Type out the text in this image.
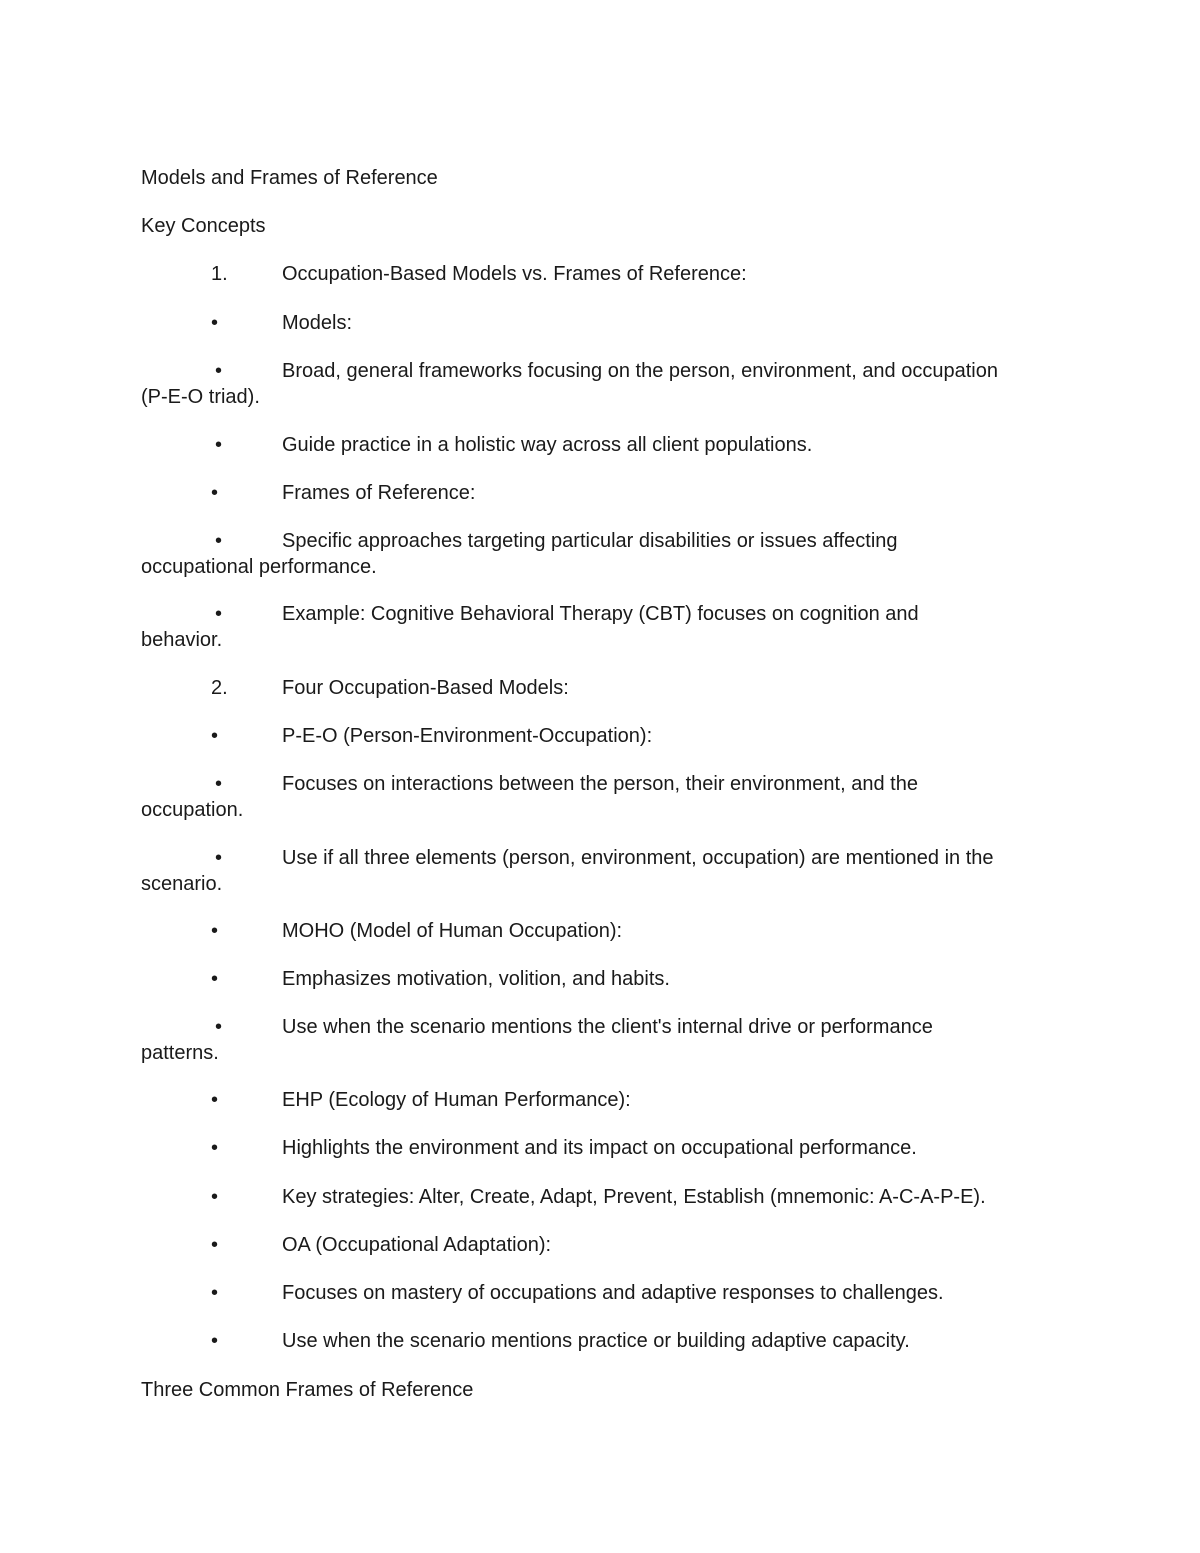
Models and Frames of Reference
Key Concepts
1.	Occupation-Based Models vs. Frames of Reference:
•	Models:
•	Broad, general frameworks focusing on the person, environment, and occupation
(P-E-O triad).
•	Guide practice in a holistic way across all client populations.
•	Frames of Reference:
•	Specific approaches targeting particular disabilities or issues affecting
occupational performance.
•	Example: Cognitive Behavioral Therapy (CBT) focuses on cognition and
behavior.
2.	Four Occupation-Based Models:
•	P-E-O (Person-Environment-Occupation):
•	Focuses on interactions between the person, their environment, and the
occupation.
•	Use if all three elements (person, environment, occupation) are mentioned in the
scenario.
•	MOHO (Model of Human Occupation):
•	Emphasizes motivation, volition, and habits.
•	Use when the scenario mentions the client's internal drive or performance
patterns.
•	EHP (Ecology of Human Performance):
•	Highlights the environment and its impact on occupational performance.
•	Key strategies: Alter, Create, Adapt, Prevent, Establish (mnemonic: A-C-A-P-E).
•	OA (Occupational Adaptation):
•	Focuses on mastery of occupations and adaptive responses to challenges.
•	Use when the scenario mentions practice or building adaptive capacity.
Three Common Frames of Reference
